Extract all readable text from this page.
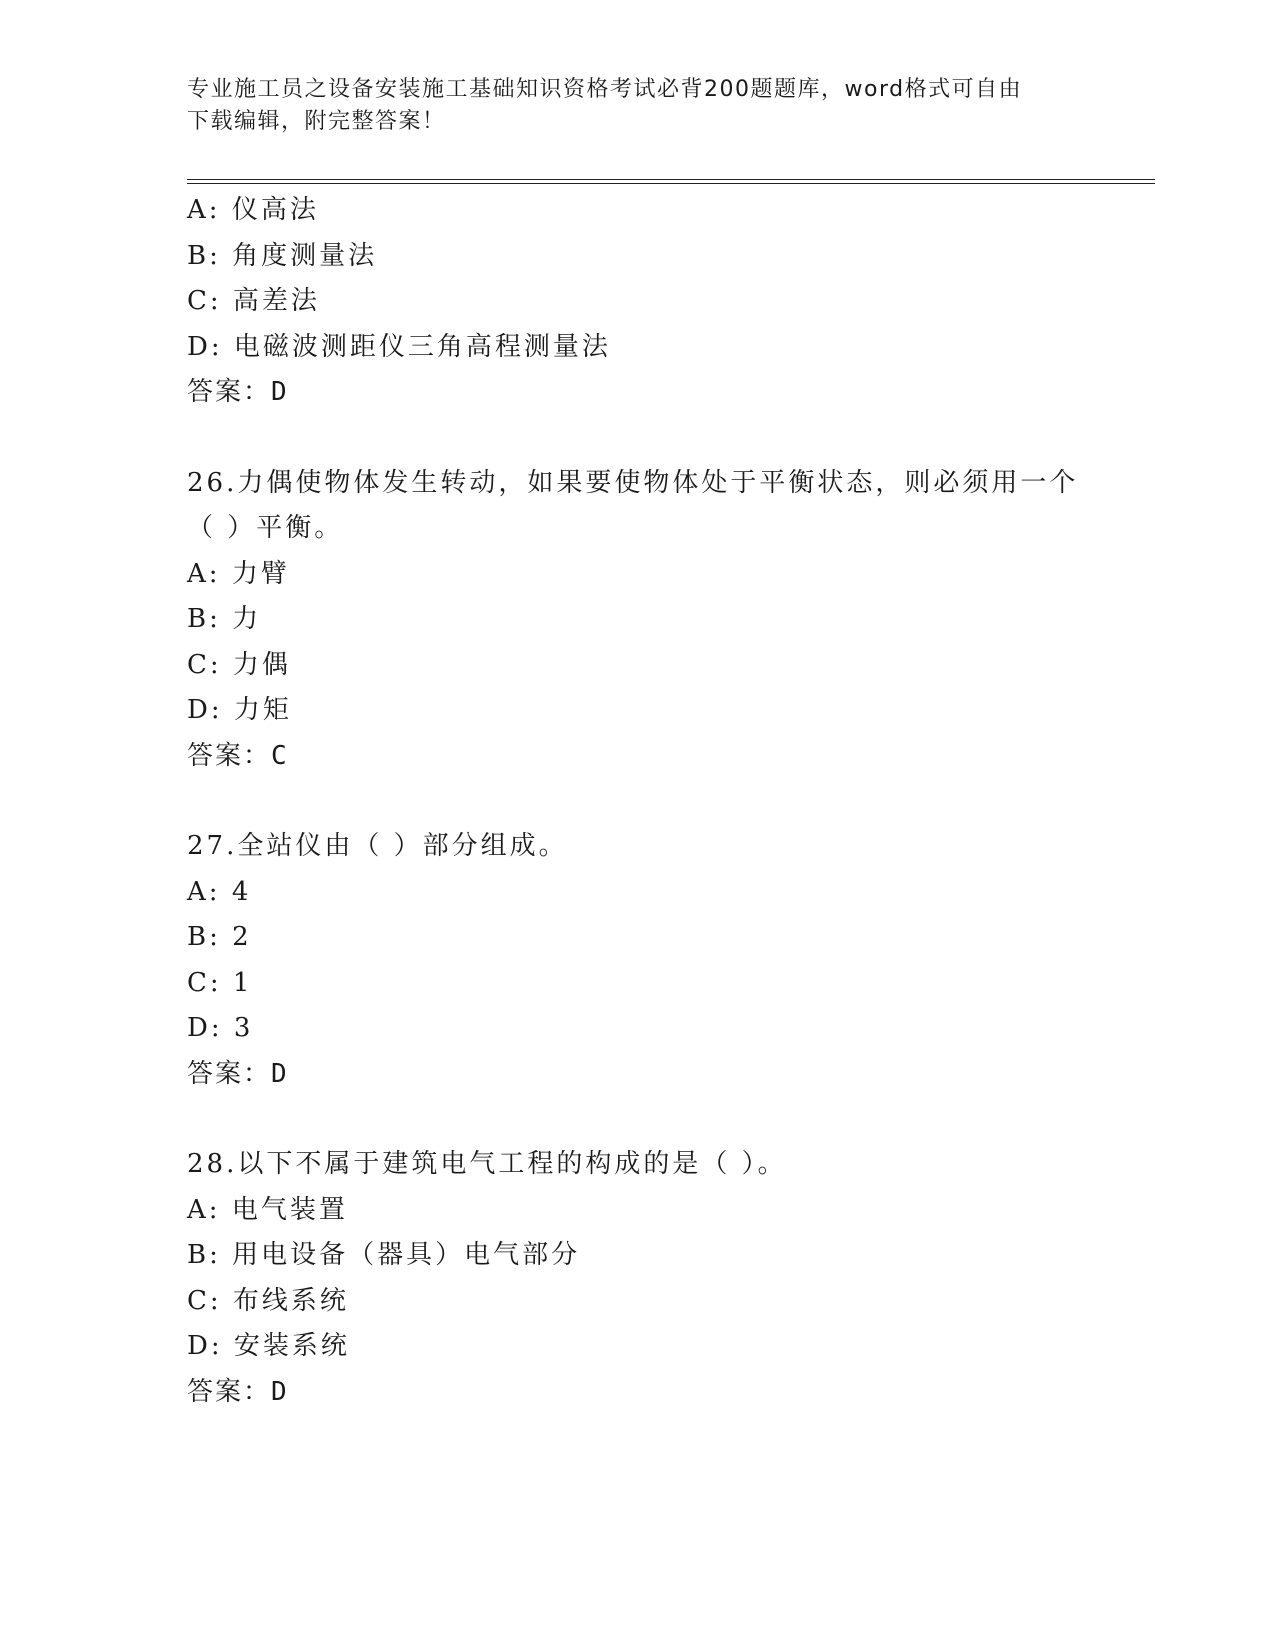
专业施工员之设备安装施工基础知识资格考试必背200题题库，word格式可自由
下载编辑，附完整答案！
A: 仪高法
B: 角度测量法
C: 高差法
D: 电磁波测距仪三角高程测量法
答案：D
26.力偶使物体发生转动，如果要使物体处于平衡状态，则必须用一个
（ ）平衡。
A: 力臂
B: 力
C: 力偶
D: 力矩
答案：C
27.全站仪由（ ）部分组成。
A: 4
B: 2
C: 1
D: 3
答案：D
28.以下不属于建筑电气工程的构成的是（ ）。
A: 电气装置
B: 用电设备（器具）电气部分
C: 布线系统
D: 安装系统
答案：D
